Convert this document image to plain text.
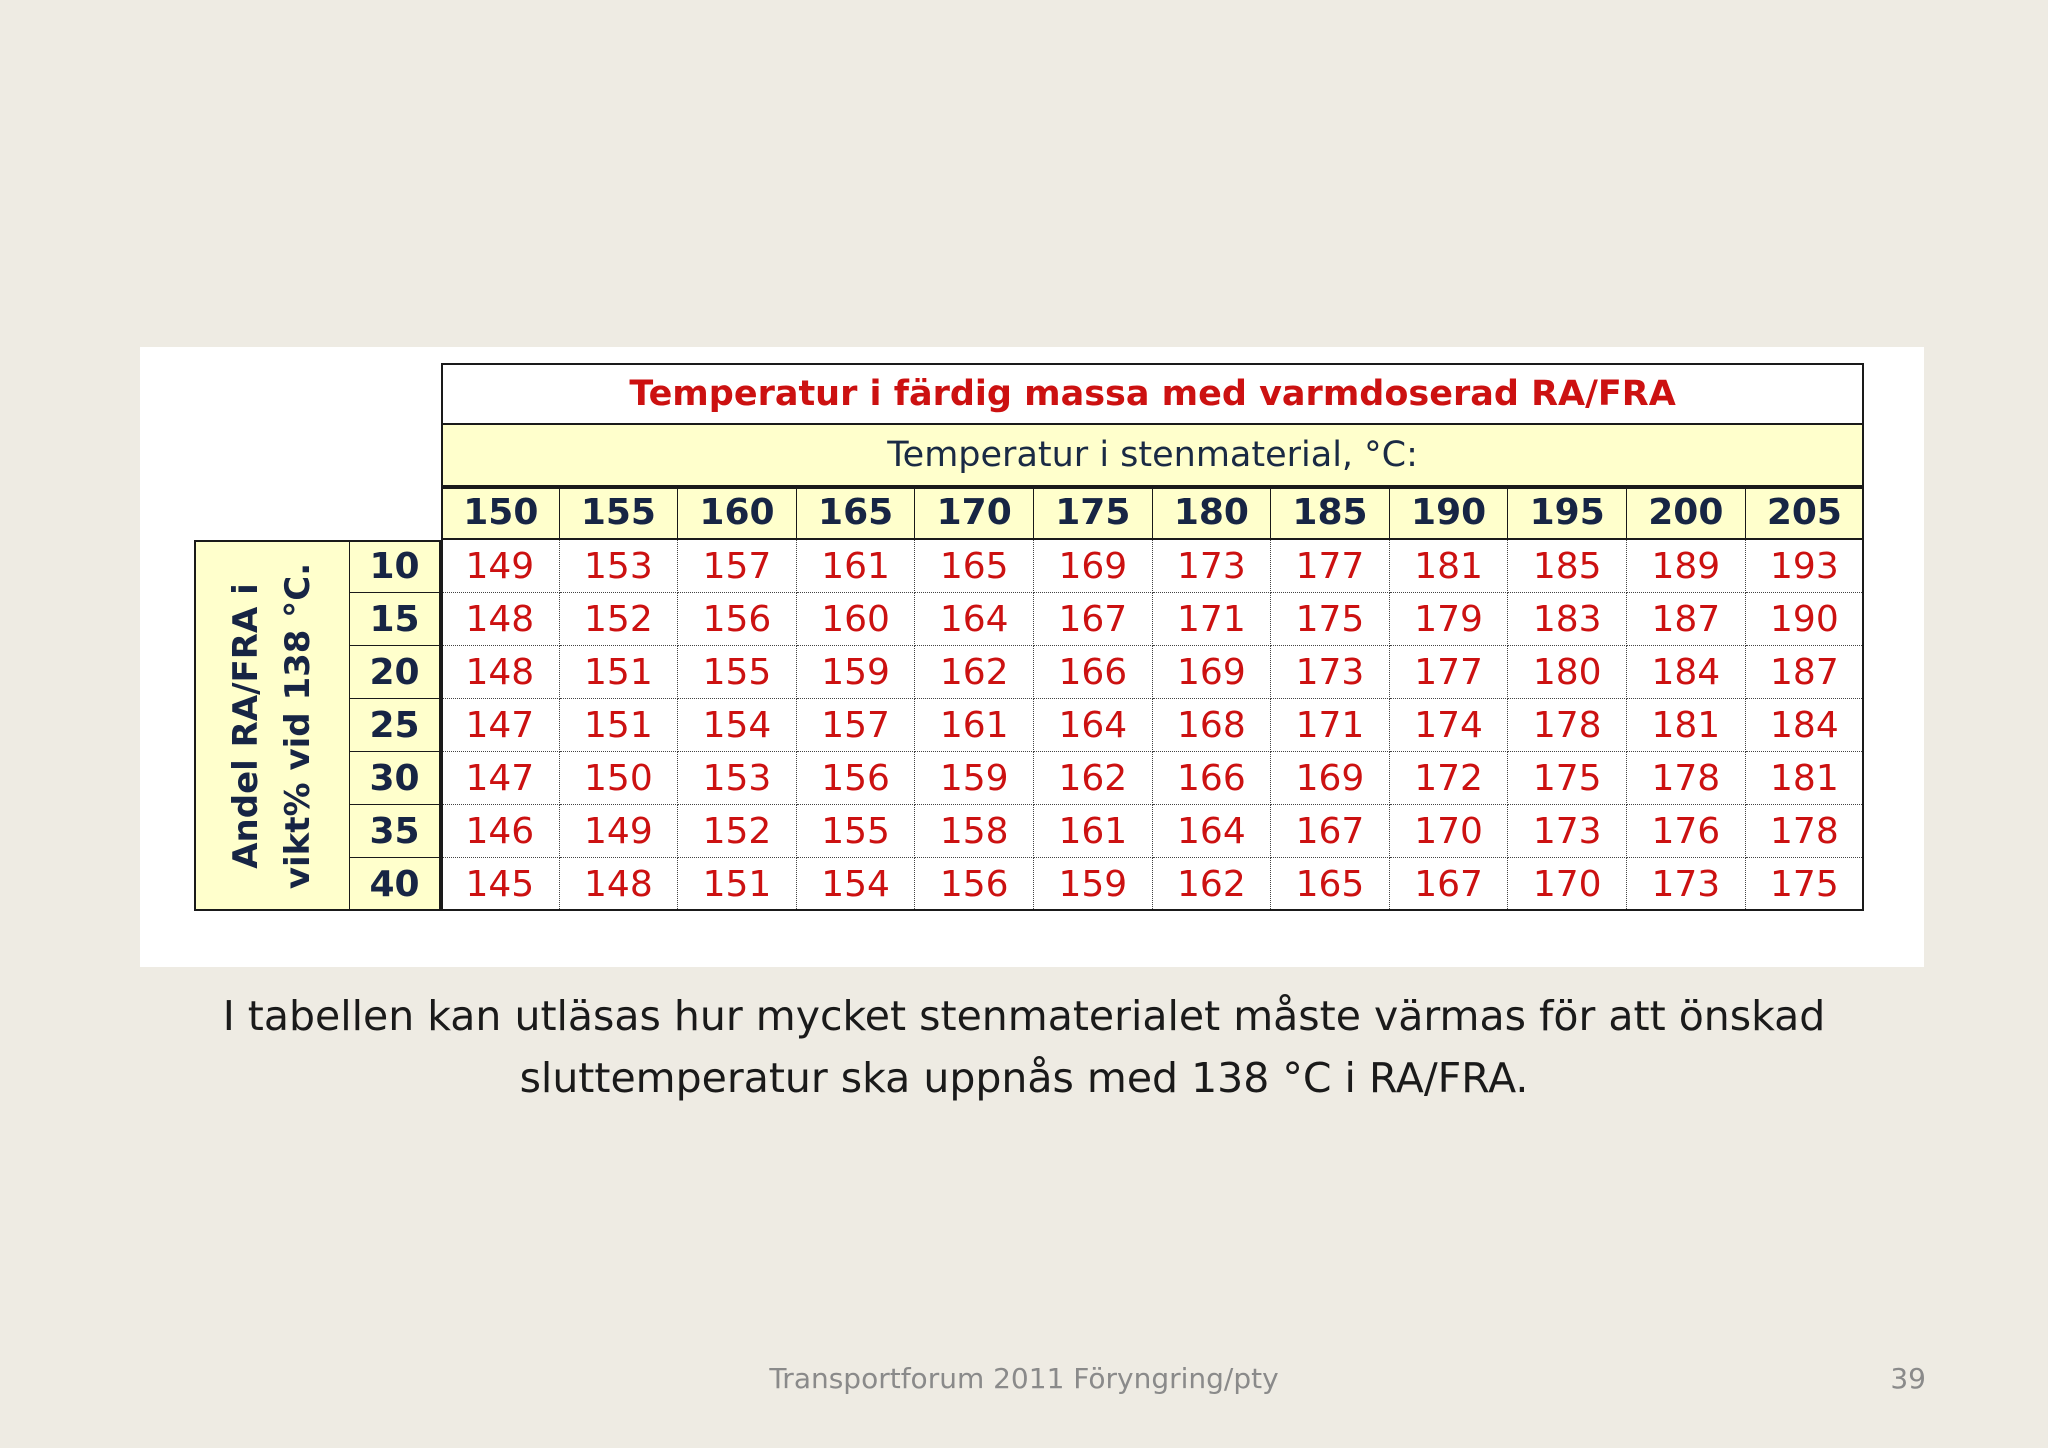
Temperatur i färdig massa med varmdoserad RA/FRA
Temperatur i stenmaterial, °C:
150	155	160	165	170	175	180	185	190	195	200	205
Andel RA/FRA i vikt% vid 138 °C.	10	149	153	157	161	165	169	173	177	181	185	189	193
15	148	152	156	160	164	167	171	175	179	183	187	190
20	148	151	155	159	162	166	169	173	177	180	184	187
25	147	151	154	157	161	164	168	171	174	178	181	184
30	147	150	153	156	159	162	166	169	172	175	178	181
35	146	149	152	155	158	161	164	167	170	173	176	178
40	145	148	151	154	156	159	162	165	167	170	173	175
I tabellen kan utläsas hur mycket stenmaterialet måste värmas för att önskad
sluttemperatur ska uppnås med 138 °C i RA/FRA.
Transportforum 2011 Föryngring/pty	39
